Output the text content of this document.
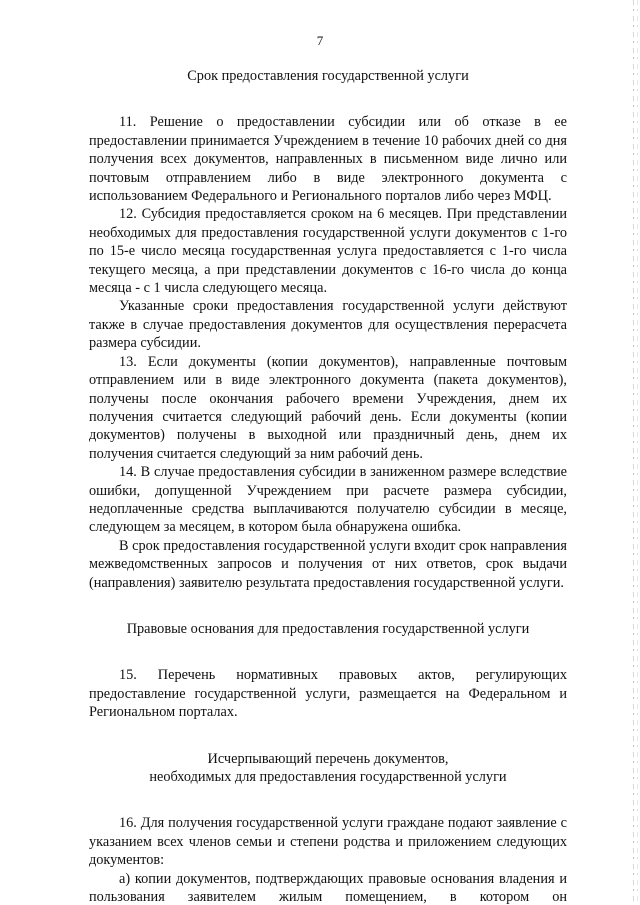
7
Срок предоставления государственной услуги

11. Решение о предоставлении субсидии или об отказе в ее предоставлении принимается Учреждением в течение 10 рабочих дней со дня получения всех документов, направленных в письменном виде лично или почтовым отправлением либо в виде электронного документа с использованием Федерального и Регионального порталов либо через МФЦ.

12. Субсидия предоставляется сроком на 6 месяцев. При представлении необходимых для предоставления государственной услуги документов с 1-го по 15-е число месяца государственная услуга предоставляется с 1-го числа текущего месяца, а при представлении документов с 16-го числа до конца месяца - с 1 числа следующего месяца.

Указанные сроки предоставления государственной услуги действуют также в случае предоставления документов для осуществления перерасчета размера субсидии.

13. Если документы (копии документов), направленные почтовым отправлением или в виде электронного документа (пакета документов), получены после окончания рабочего времени Учреждения, днем их получения считается следующий рабочий день. Если документы (копии документов) получены в выходной или праздничный день, днем их получения считается следующий за ним рабочий день.

14. В случае предоставления субсидии в заниженном размере вследствие ошибки, допущенной Учреждением при расчете размера субсидии, недоплаченные средства выплачиваются получателю субсидии в месяце, следующем за месяцем, в котором была обнаружена ошибка.

В срок предоставления государственной услуги входит срок направления межведомственных запросов и получения от них ответов, срок выдачи (направления) заявителю результата предоставления государственной услуги.

Правовые основания для предоставления государственной услуги

15. Перечень нормативных правовых актов, регулирующих предоставление государственной услуги, размещается на Федеральном и Региональном порталах.

Исчерпывающий перечень документов,
необходимых для предоставления государственной услуги

16. Для получения государственной услуги граждане подают заявление с указанием всех членов семьи и степени родства и приложением следующих документов:

а) копии документов, подтверждающих правовые основания владения и пользования заявителем жилым помещением, в котором он
